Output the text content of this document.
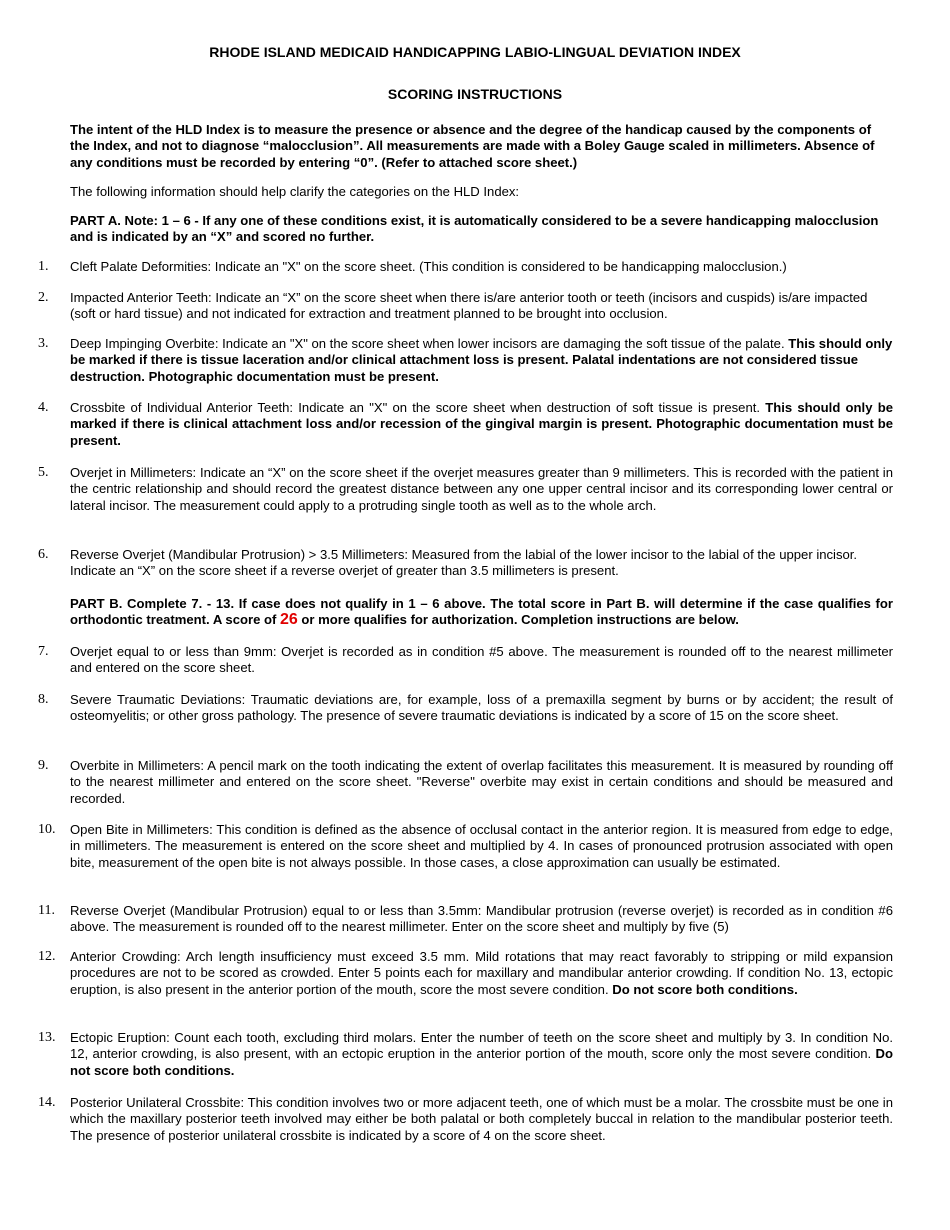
RHODE ISLAND MEDICAID HANDICAPPING LABIO-LINGUAL DEVIATION INDEX
SCORING INSTRUCTIONS
The intent of the HLD Index is to measure the presence or absence and the degree of the handicap caused by the components of the Index, and not to diagnose “malocclusion”. All measurements are made with a Boley Gauge scaled in millimeters. Absence of any conditions must be recorded by entering “0”. (Refer to attached score sheet.)
The following information should help clarify the categories on the HLD Index:
PART A. Note: 1 – 6 - If any one of these conditions exist, it is automatically considered to be a severe handicapping malocclusion and is indicated by an “X” and scored no further.
1.	Cleft Palate Deformities: Indicate an "X" on the score sheet. (This condition is considered to be handicapping malocclusion.)
2.	Impacted Anterior Teeth: Indicate an “X” on the score sheet when there is/are anterior tooth or teeth (incisors and cuspids) is/are impacted (soft or hard tissue) and not indicated for extraction and treatment planned to be brought into occlusion.
3.	Deep Impinging Overbite: Indicate an "X" on the score sheet when lower incisors are damaging the soft tissue of the palate. This should only be marked if there is tissue laceration and/or clinical attachment loss is present. Palatal indentations are not considered tissue destruction. Photographic documentation must be present.
4.	Crossbite of Individual Anterior Teeth: Indicate an "X" on the score sheet when destruction of soft tissue is present. This should only be marked if there is clinical attachment loss and/or recession of the gingival margin is present. Photographic documentation must be present.
5.	Overjet in Millimeters: Indicate an “X” on the score sheet if the overjet measures greater than 9 millimeters. This is recorded with the patient in the centric relationship and should record the greatest distance between any one upper central incisor and its corresponding lower central or lateral incisor. The measurement could apply to a protruding single tooth as well as to the whole arch.
6.	Reverse Overjet (Mandibular Protrusion) > 3.5 Millimeters: Measured from the labial of the lower incisor to the labial of the upper incisor. Indicate an “X” on the score sheet if a reverse overjet of greater than 3.5 millimeters is present.
PART B. Complete 7. - 13. If case does not qualify in 1 – 6 above. The total score in Part B. will determine if the case qualifies for orthodontic treatment. A score of 26 or more qualifies for authorization. Completion instructions are below.
7.	Overjet equal to or less than 9mm: Overjet is recorded as in condition #5 above. The measurement is rounded off to the nearest millimeter and entered on the score sheet.
8.	Severe Traumatic Deviations: Traumatic deviations are, for example, loss of a premaxilla segment by burns or by accident; the result of osteomyelitis; or other gross pathology. The presence of severe traumatic deviations is indicated by a score of 15 on the score sheet.
9.	Overbite in Millimeters: A pencil mark on the tooth indicating the extent of overlap facilitates this measurement. It is measured by rounding off to the nearest millimeter and entered on the score sheet. "Reverse" overbite may exist in certain conditions and should be measured and recorded.
10.	Open Bite in Millimeters: This condition is defined as the absence of occlusal contact in the anterior region. It is measured from edge to edge, in millimeters. The measurement is entered on the score sheet and multiplied by 4. In cases of pronounced protrusion associated with open bite, measurement of the open bite is not always possible. In those cases, a close approximation can usually be estimated.
11.	Reverse Overjet (Mandibular Protrusion) equal to or less than 3.5mm: Mandibular protrusion (reverse overjet) is recorded as in condition #6 above. The measurement is rounded off to the nearest millimeter. Enter on the score sheet and multiply by five (5)
12.	Anterior Crowding: Arch length insufficiency must exceed 3.5 mm. Mild rotations that may react favorably to stripping or mild expansion procedures are not to be scored as crowded. Enter 5 points each for maxillary and mandibular anterior crowding. If condition No. 13, ectopic eruption, is also present in the anterior portion of the mouth, score the most severe condition. Do not score both conditions.
13.	Ectopic Eruption: Count each tooth, excluding third molars. Enter the number of teeth on the score sheet and multiply by 3. In condition No. 12, anterior crowding, is also present, with an ectopic eruption in the anterior portion of the mouth, score only the most severe condition. Do not score both conditions.
14.	Posterior Unilateral Crossbite: This condition involves two or more adjacent teeth, one of which must be a molar. The crossbite must be one in which the maxillary posterior teeth involved may either be both palatal or both completely buccal in relation to the mandibular posterior teeth. The presence of posterior unilateral crossbite is indicated by a score of 4 on the score sheet.
